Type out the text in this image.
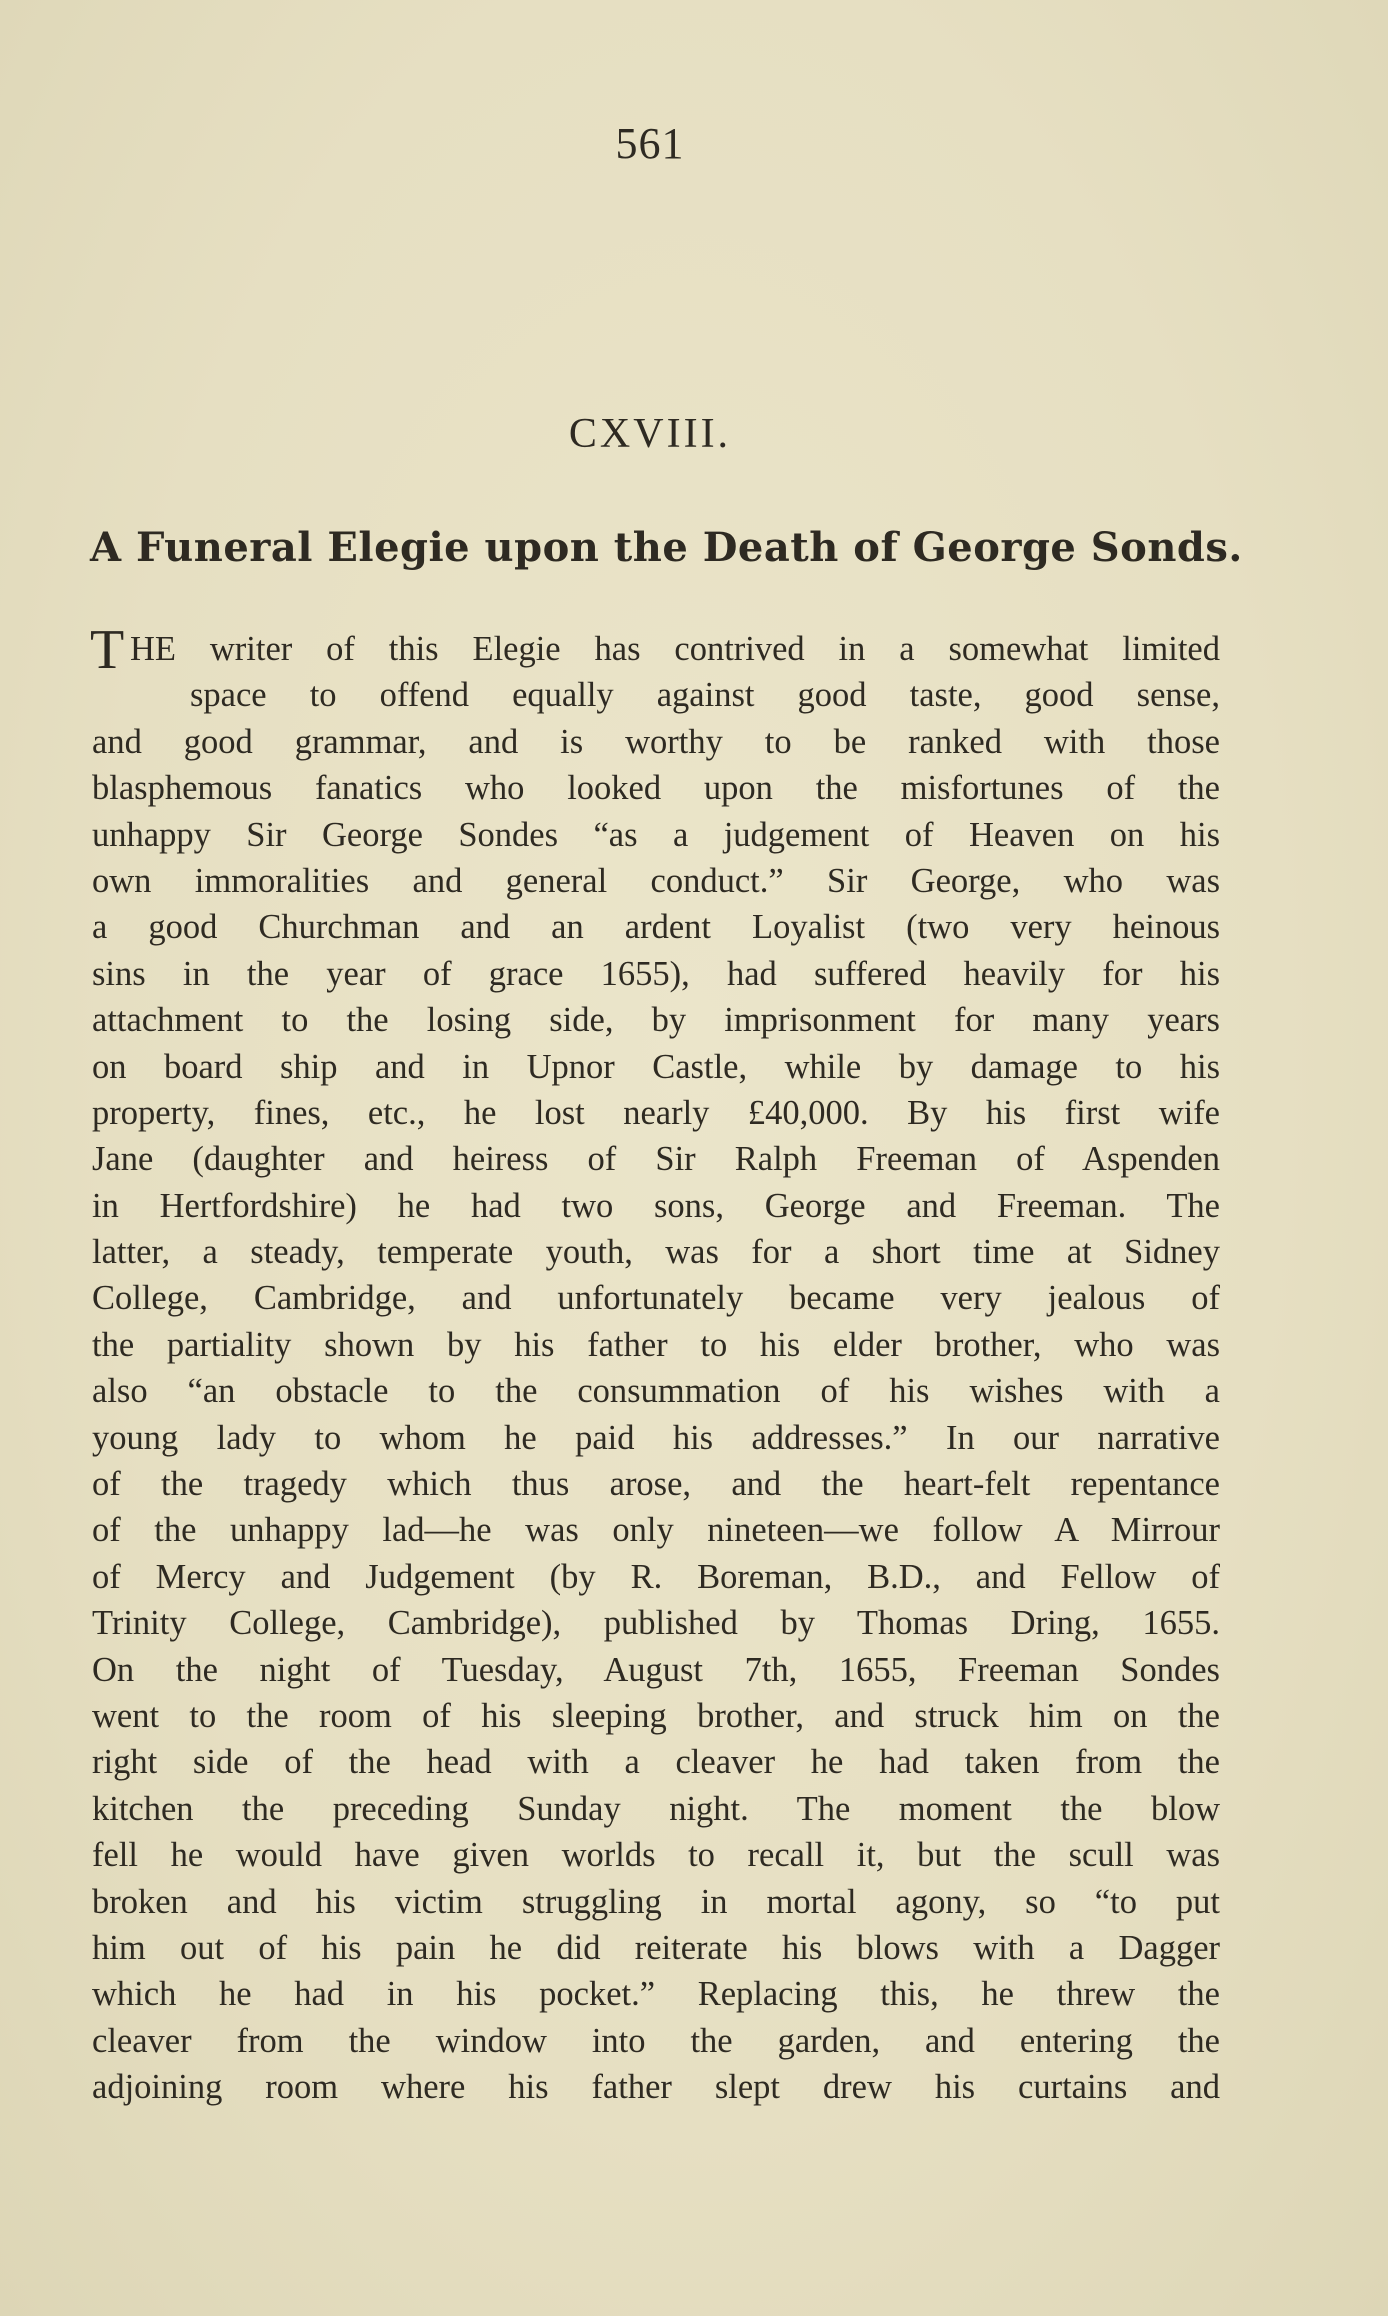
561
CXVIII.
A Funeral Elegie upon the Death of George Sonds.
T HE writer of this Elegie has contrived in a somewhat limited
space to offend equally against good taste, good sense,
and good grammar, and is worthy to be ranked with those
blasphemous fanatics who looked upon the misfortunes of the
unhappy Sir George Sondes “as a judgement of Heaven on his
own immoralities and general conduct.” Sir George, who was
a good Churchman and an ardent Loyalist (two very heinous
sins in the year of grace 1655), had suffered heavily for his
attachment to the losing side, by imprisonment for many years
on board ship and in Upnor Castle, while by damage to his
property, fines, etc., he lost nearly £40,000. By his first wife
Jane (daughter and heiress of Sir Ralph Freeman of Aspenden
in Hertfordshire) he had two sons, George and Freeman. The
latter, a steady, temperate youth, was for a short time at Sidney
College, Cambridge, and unfortunately became very jealous of
the partiality shown by his father to his elder brother, who was
also “an obstacle to the consummation of his wishes with a
young lady to whom he paid his addresses.” In our narrative
of the tragedy which thus arose, and the heart-felt repentance
of the unhappy lad—he was only nineteen—we follow A Mirrour
of Mercy and Judgement (by R. Boreman, B.D., and Fellow of
Trinity College, Cambridge), published by Thomas Dring, 1655.
On the night of Tuesday, August 7th, 1655, Freeman Sondes
went to the room of his sleeping brother, and struck him on the
right side of the head with a cleaver he had taken from the
kitchen the preceding Sunday night. The moment the blow
fell he would have given worlds to recall it, but the scull was
broken and his victim struggling in mortal agony, so “to put
him out of his pain he did reiterate his blows with a Dagger
which he had in his pocket.” Replacing this, he threw the
cleaver from the window into the garden, and entering the
adjoining room where his father slept drew his curtains and
